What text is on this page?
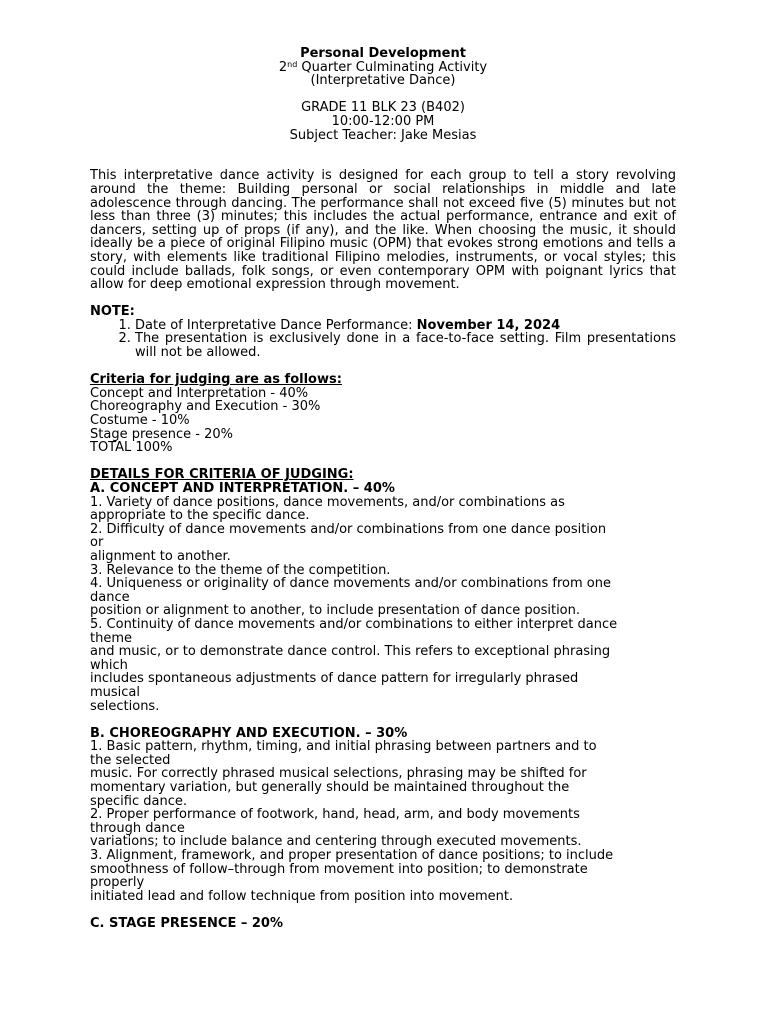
Personal Development
2nd Quarter Culminating Activity
(Interpretative Dance)
GRADE 11 BLK 23 (B402)
10:00-12:00 PM
Subject Teacher: Jake Mesias

This interpretative dance activity is designed for each group to tell a story revolving around the theme: Building personal or social relationships in middle and late adolescence through dancing. The performance shall not exceed five (5) minutes but not less than three (3) minutes; this includes the actual performance, entrance and exit of dancers, setting up of props (if any), and the like. When choosing the music, it should ideally be a piece of original Filipino music (OPM) that evokes strong emotions and tells a story, with elements like traditional Filipino melodies, instruments, or vocal styles; this could include ballads, folk songs, or even contemporary OPM with poignant lyrics that allow for deep emotional expression through movement.

NOTE:
1. Date of Interpretative Dance Performance: November 14, 2024
2. The presentation is exclusively done in a face-to-face setting. Film presentations will not be allowed.
Criteria for judging are as follows:
Concept and Interpretation - 40%
Choreography and Execution - 30%
Costume - 10%
Stage presence - 20%
TOTAL 100%
DETAILS FOR CRITERIA OF JUDGING:
A. CONCEPT AND INTERPRETATION. – 40%
1. Variety of dance positions, dance movements, and/or combinations as
appropriate to the specific dance.
2. Difficulty of dance movements and/or combinations from one dance position
or
alignment to another.
3. Relevance to the theme of the competition.
4. Uniqueness or originality of dance movements and/or combinations from one
dance
position or alignment to another, to include presentation of dance position.
5. Continuity of dance movements and/or combinations to either interpret dance
theme
and music, or to demonstrate dance control. This refers to exceptional phrasing
which
includes spontaneous adjustments of dance pattern for irregularly phrased
musical
selections.
B. CHOREOGRAPHY AND EXECUTION. – 30%
1. Basic pattern, rhythm, timing, and initial phrasing between partners and to
the selected
music. For correctly phrased musical selections, phrasing may be shifted for
momentary variation, but generally should be maintained throughout the
specific dance.
2. Proper performance of footwork, hand, head, arm, and body movements
through dance
variations; to include balance and centering through executed movements.
3. Alignment, framework, and proper presentation of dance positions; to include
smoothness of follow–through from movement into position; to demonstrate
properly
initiated lead and follow technique from position into movement.
C. STAGE PRESENCE – 20%
